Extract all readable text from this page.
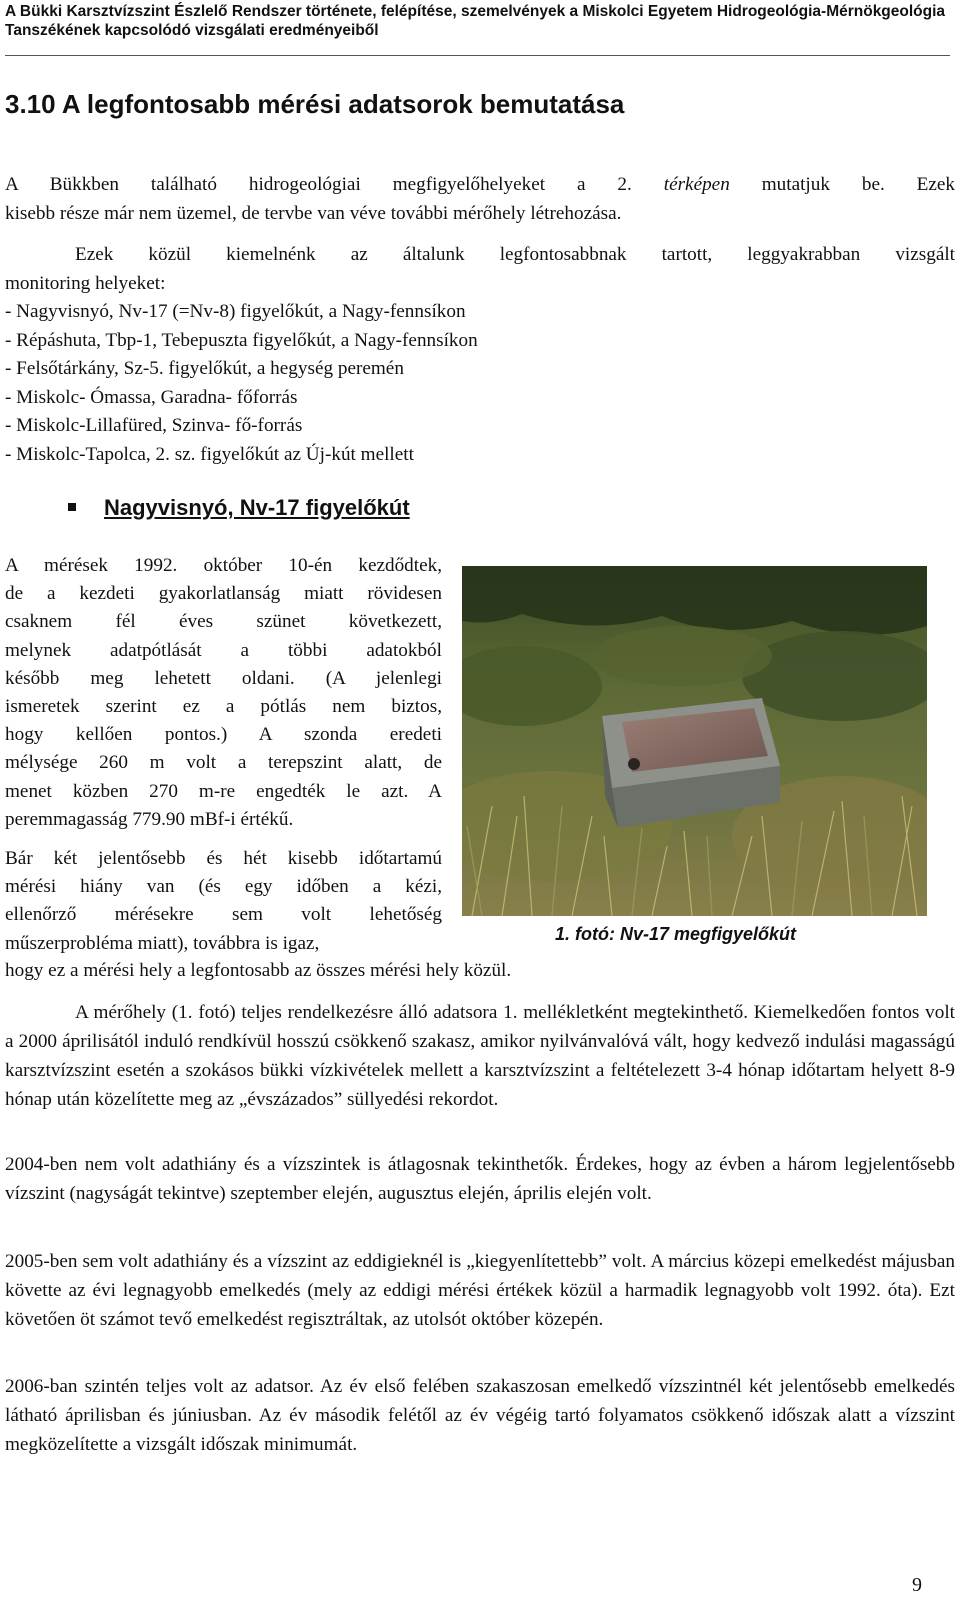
A Bükki Karsztvízszint Észlelő Rendszer története, felépítése, szemelvények a Miskolci Egyetem Hidrogeológia-Mérnökgeológia Tanszékének kapcsolódó vizsgálati eredményeiből
3.10 A legfontosabb mérési adatsorok bemutatása

A Bükkben található hidrogeológiai megfigyelőhelyeket a 2. térképen mutatjuk be. Ezek
kisebb része már nem üzemel, de tervbe van véve további mérőhely létrehozása.

Ezek közül kiemelnénk az általunk legfontosabbnak tartott, leggyakrabban vizsgált
monitoring helyeket:

- Nagyvisnyó, Nv-17 (=Nv-8) figyelőkút, a Nagy-fennsíkon
- Répáshuta, Tbp-1, Tebepuszta figyelőkút, a Nagy-fennsíkon
- Felsőtárkány, Sz-5. figyelőkút, a hegység peremén
- Miskolc- Ómassa, Garadna- főforrás
- Miskolc-Lillafüred, Szinva- fő-forrás
- Miskolc-Tapolca, 2. sz. figyelőkút az Új-kút mellett
Nagyvisnyó, Nv-17 figyelőkút

A mérések 1992. október 10-én kezdődtek,
de a kezdeti gyakorlatlanság miatt rövidesen
csaknem fél éves szünet következett,
melynek adatpótlását a többi adatokból
később meg lehetett oldani. (A jelenlegi
ismeretek szerint ez a pótlás nem biztos,
hogy kellően pontos.) A szonda eredeti
mélysége 260 m volt a terepszint alatt, de
menet közben 270 m-re engedték le azt. A
peremmagasság 779.90 mBf-i értékű.

Bár két jelentősebb és hét kisebb időtartamú
mérési hiány van (és egy időben a kézi,
ellenőrző mérésekre sem volt lehetőség
műszerprobléma miatt), továbbra is igaz,

hogy ez a mérési hely a legfontosabb az összes mérési hely közül.

1. fotó: Nv-17 megfigyelőkút

A mérőhely (1. fotó) teljes rendelkezésre álló adatsora 1. mellékletként megtekinthető. Kiemelkedően fontos volt a 2000 áprilisától induló rendkívül hosszú csökkenő szakasz, amikor nyilvánvalóvá vált, hogy kedvező indulási magasságú karsztvízszint esetén a szokásos bükki vízkivételek mellett a karsztvízszint a feltételezett 3-4 hónap időtartam helyett 8-9 hónap után közelítette meg az „évszázados” süllyedési rekordot.

2004-ben nem volt adathiány és a vízszintek is átlagosnak tekinthetők. Érdekes, hogy az évben a három legjelentősebb vízszint (nagyságát tekintve) szeptember elején, augusztus elején, április elején volt.

2005-ben sem volt adathiány és a vízszint az eddigieknél is „kiegyenlítettebb” volt. A március közepi emelkedést májusban követte az évi legnagyobb emelkedés (mely az eddigi mérési értékek közül a harmadik legnagyobb volt 1992. óta). Ezt követően öt számot tevő emelkedést regisztráltak, az utolsót október közepén.

2006-ban szintén teljes volt az adatsor. Az év első felében szakaszosan emelkedő vízszintnél két jelentősebb emelkedés látható áprilisban és júniusban. Az év második felétől az év végéig tartó folyamatos csökkenő időszak alatt a vízszint megközelítette a vizsgált időszak minimumát.

9
